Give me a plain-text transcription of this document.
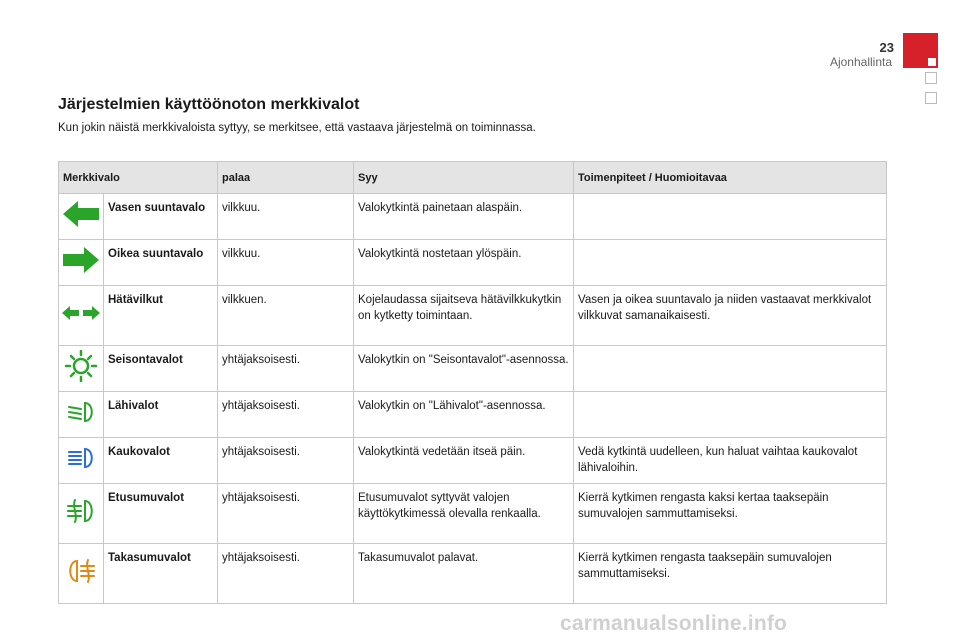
23
Ajonhallinta
Järjestelmien käyttöönoton merkkivalot
Kun jokin näistä merkkivaloista syttyy, se merkitsee, että vastaava järjestelmä on toiminnassa.
Merkkivalo		palaa	Syy	Toimenpiteet / Huomioitavaa
	Vasen suuntavalo	vilkkuu.	Valokytkintä painetaan alaspäin.	
	Oikea suuntavalo	vilkkuu.	Valokytkintä nostetaan ylöspäin.	
	Hätävilkut	vilkkuen.	Kojelaudassa sijaitseva hätävilkkukytkin on kytketty toimintaan.	Vasen ja oikea suuntavalo ja niiden vastaavat merkkivalot vilkkuvat samanaikaisesti.
	Seisontavalot	yhtäjaksoisesti.	Valokytkin on "Seisontavalot"-asennossa.	
	Lähivalot	yhtäjaksoisesti.	Valokytkin on "Lähivalot"-asennossa.	
	Kaukovalot	yhtäjaksoisesti.	Valokytkintä vedetään itseä päin.	Vedä kytkintä uudelleen, kun haluat vaihtaa kaukovalot lähivaloihin.
	Etusumuvalot	yhtäjaksoisesti.	Etusumuvalot syttyvät valojen käyttökytkimessä olevalla renkaalla.	Kierrä kytkimen rengasta kaksi kertaa taaksepäin sumuvalojen sammuttamiseksi.
	Takasumuvalot	yhtäjaksoisesti.	Takasumuvalot palavat.	Kierrä kytkimen rengasta taaksepäin sumuvalojen sammuttamiseksi.
carmanualsonline.info
